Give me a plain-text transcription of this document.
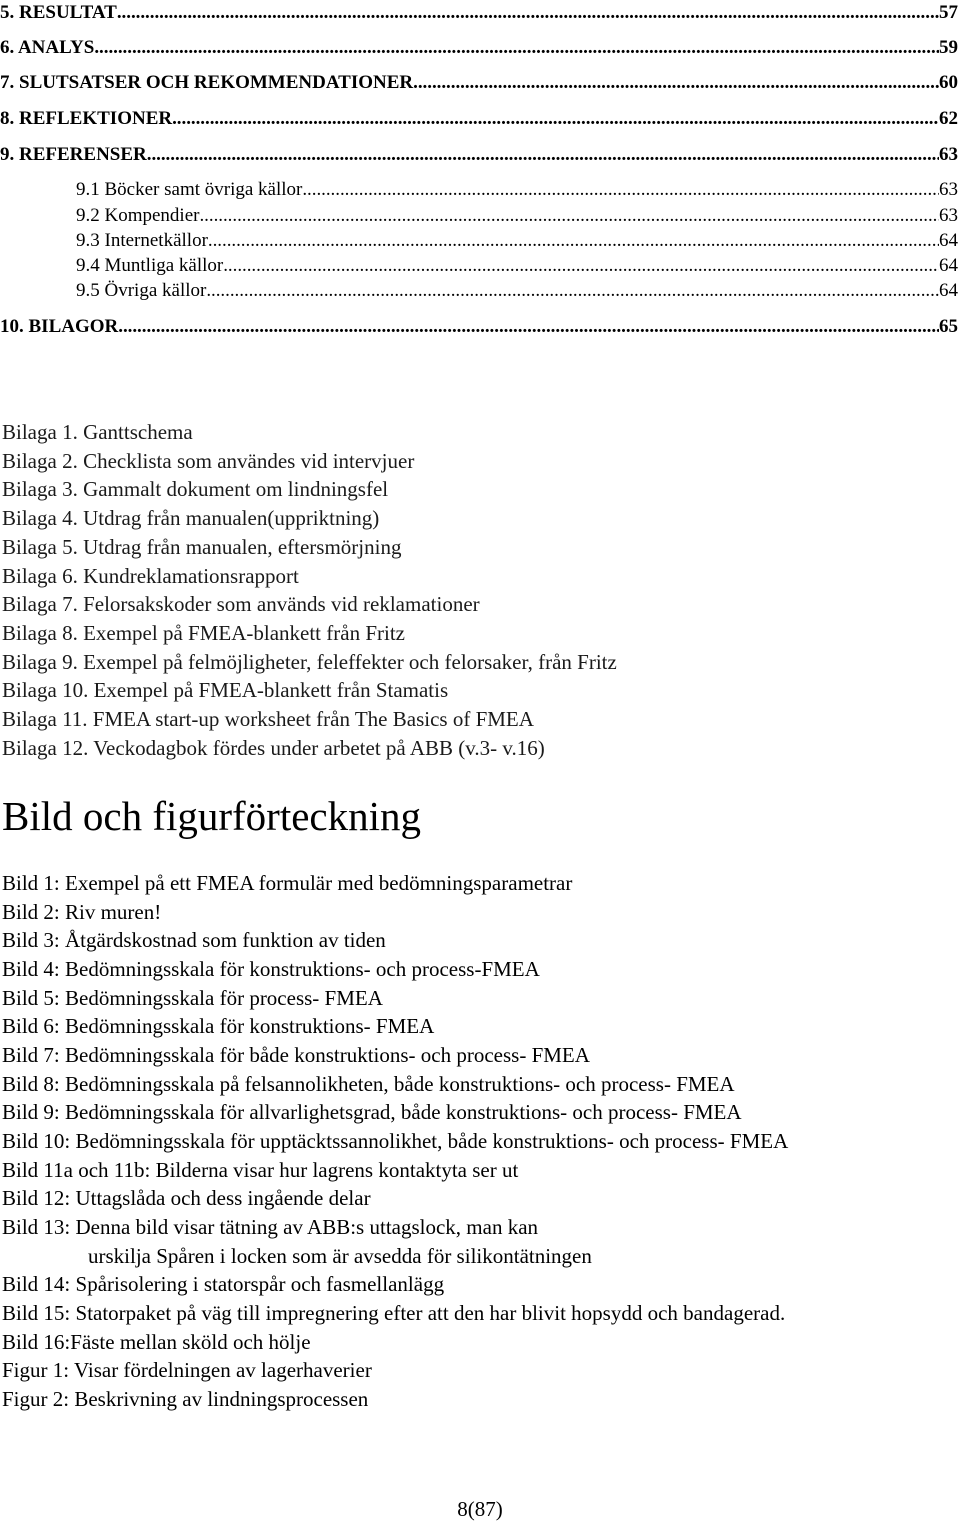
5. RESULTAT . . .	57
6. ANALYS . . .	59
7. SLUTSATSER OCH REKOMMENDATIONER . . .	60
8. REFLEKTIONER . . .	62
9. REFERENSER . . .	63
9.1 Böcker samt övriga källor . . .	63
9.2 Kompendier . . .	63
9.3 Internetkällor . . .	64
9.4 Muntliga källor . . .	64
9.5 Övriga källor . . .	64
10. BILAGOR . . .	65
Bilaga 1. Ganttschema
Bilaga 2. Checklista som användes vid intervjuer
Bilaga 3. Gammalt dokument om lindningsfel
Bilaga 4. Utdrag från manualen(uppriktning)
Bilaga 5. Utdrag från manualen, eftersmörjning
Bilaga 6. Kundreklamationsrapport
Bilaga 7. Felorsakskoder som används vid reklamationer
Bilaga 8. Exempel på FMEA-blankett från Fritz
Bilaga 9. Exempel på felmöjligheter, feleffekter och felorsaker, från Fritz
Bilaga 10. Exempel på FMEA-blankett från Stamatis
Bilaga 11. FMEA start-up worksheet från The Basics of FMEA
Bilaga 12. Veckodagbok fördes under arbetet på ABB (v.3- v.16)
Bild och figurförteckning
Bild 1: Exempel på ett FMEA formulär med bedömningsparametrar
Bild 2: Riv muren!
Bild 3: Åtgärdskostnad som funktion av tiden
Bild 4: Bedömningsskala för konstruktions- och process-FMEA
Bild 5: Bedömningsskala för process- FMEA
Bild 6: Bedömningsskala för konstruktions- FMEA
Bild 7: Bedömningsskala för både konstruktions- och process- FMEA
Bild 8: Bedömningsskala på felsannolikheten, både konstruktions- och process- FMEA
Bild 9: Bedömningsskala för allvarlighetsgrad, både konstruktions- och process- FMEA
Bild 10: Bedömningsskala för upptäcktssannolikhet, både konstruktions- och process- FMEA
Bild 11a och 11b: Bilderna visar hur lagrens kontaktyta ser ut
Bild 12: Uttagslåda och dess ingående delar
Bild 13: Denna bild visar tätning av ABB:s uttagslock, man kan
urskilja Spåren i locken som är avsedda för silikontätningen
Bild 14: Spårisolering i statorspår och fasmellanlägg
Bild 15: Statorpaket på väg till impregnering efter att den har blivit hopsydd och bandagerad.
Bild 16:Fäste mellan sköld och hölje
Figur 1: Visar fördelningen av lagerhaverier
Figur 2: Beskrivning av lindningsprocessen
8(87)
